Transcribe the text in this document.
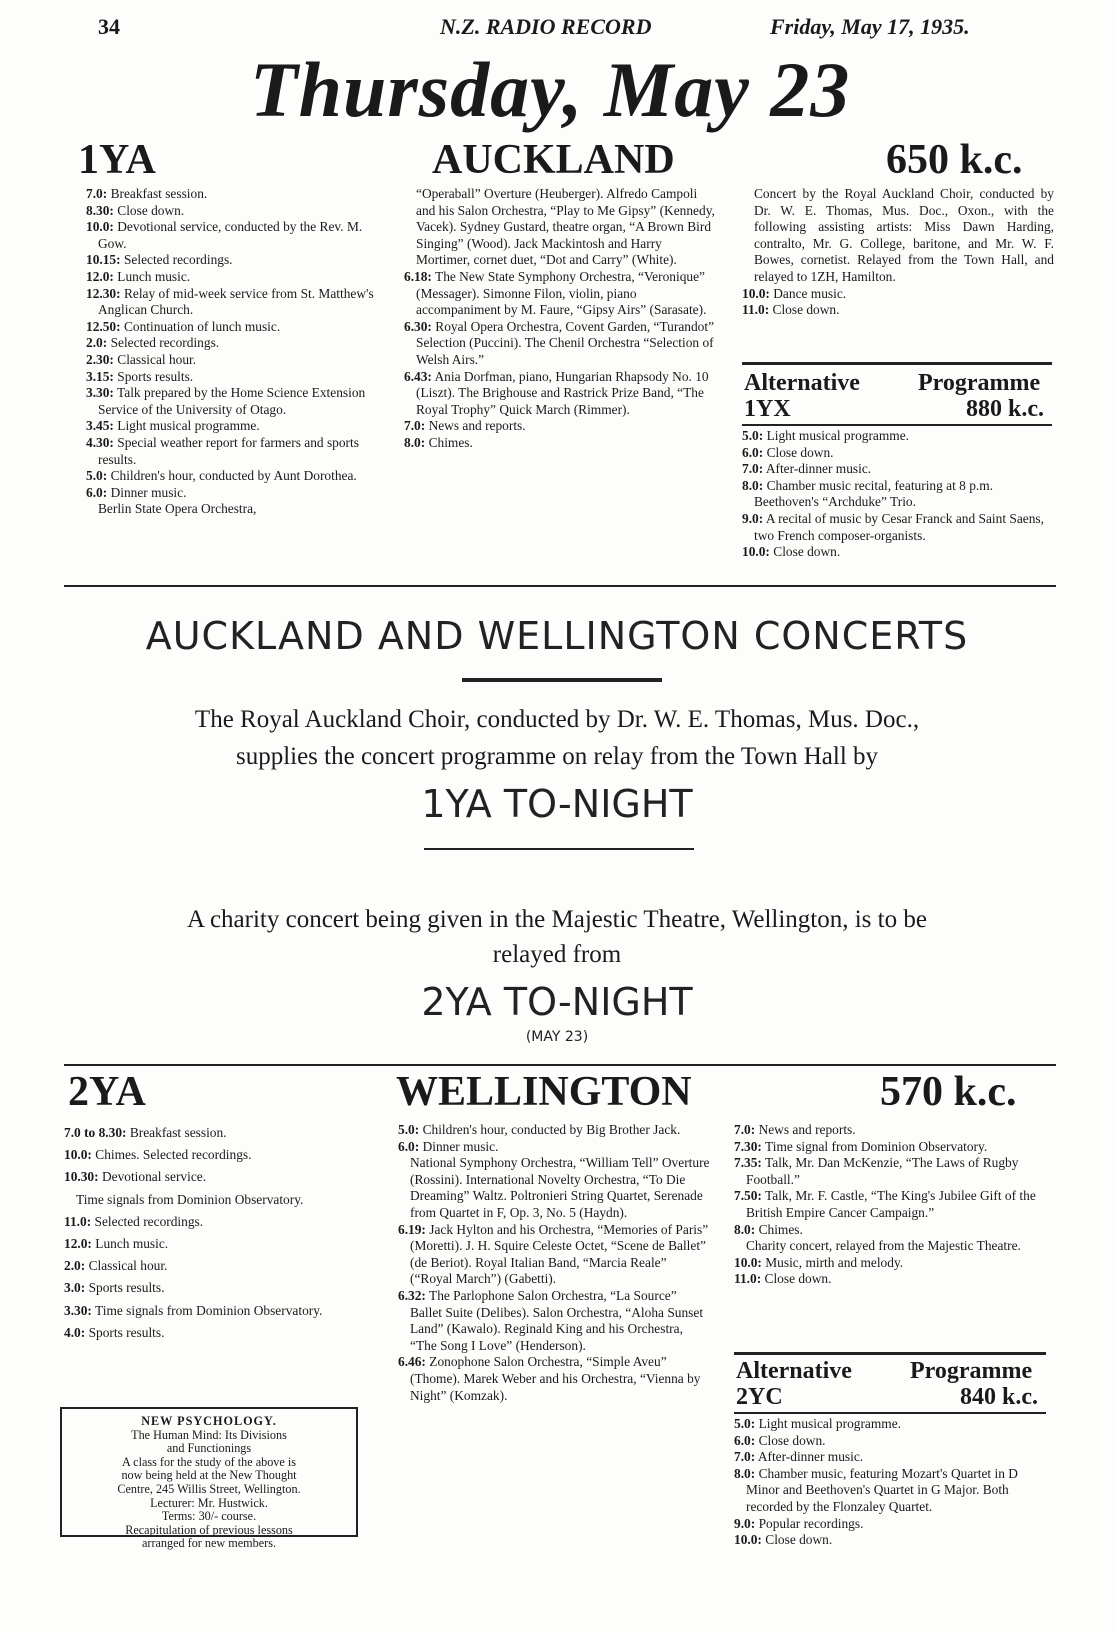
34	N.Z. RADIO RECORD	Friday, May 17, 1935.
Thursday, May 23
1YA	AUCKLAND	650 k.c.

7.0: Breakfast session.

8.30: Close down.

10.0: Devotional service, conducted by the Rev. M. Gow.

10.15: Selected recordings.

12.0: Lunch music.

12.30: Relay of mid-week service from St. Matthew's Anglican Church.

12.50: Continuation of lunch music.

2.0: Selected recordings.

2.30: Classical hour.

3.15: Sports results.

3.30: Talk prepared by the Home Science Extension Service of the University of Otago.

3.45: Light musical programme.

4.30: Special weather report for farmers and sports results.

5.0: Children's hour, conducted by Aunt Dorothea.

6.0: Dinner music.

Berlin State Opera Orchestra,

“Operaball” Overture (Heuberger). Alfredo Campoli and his Salon Orchestra, “Play to Me Gipsy” (Kennedy, Vacek). Sydney Gustard, theatre organ, “A Brown Bird Singing” (Wood). Jack Mackintosh and Harry Mortimer, cornet duet, “Dot and Carry” (White).

6.18: The New State Symphony Orchestra, “Veronique” (Messager). Simonne Filon, violin, piano accompaniment by M. Faure, “Gipsy Airs” (Sarasate).

6.30: Royal Opera Orchestra, Covent Garden, “Turandot” Selection (Puccini). The Chenil Orchestra “Selection of Welsh Airs.”

6.43: Ania Dorfman, piano, Hungarian Rhapsody No. 10 (Liszt). The Brighouse and Rastrick Prize Band, “The Royal Trophy” Quick March (Rimmer).

7.0: News and reports.

8.0: Chimes.

Concert by the Royal Auckland Choir, conducted by Dr. W. E. Thomas, Mus. Doc., Oxon., with the following assisting artists: Miss Dawn Harding, contralto, Mr. G. College, baritone, and Mr. W. F. Bowes, cornetist. Relayed from the Town Hall, and relayed to 1ZH, Hamilton.

10.0: Dance music.

11.0: Close down.

Alternative Programme
1YX	880 k.c.

5.0: Light musical programme.

6.0: Close down.

7.0: After-dinner music.

8.0: Chamber music recital, featuring at 8 p.m. Beethoven's “Archduke” Trio.

9.0: A recital of music by Cesar Franck and Saint Saens, two French composer-organists.

10.0: Close down.

AUCKLAND AND WELLINGTON CONCERTS
The Royal Auckland Choir, conducted by Dr. W. E. Thomas, Mus. Doc.,
supplies the concert programme on relay from the Town Hall by
1YA TO-NIGHT
A charity concert being given in the Majestic Theatre, Wellington, is to be
relayed from
2YA TO-NIGHT
(MAY 23)
2YA	WELLINGTON	570 k.c.

7.0 to 8.30: Breakfast session.

10.0: Chimes. Selected recordings.

10.30: Devotional service.

Time signals from Dominion Observatory.

11.0: Selected recordings.

12.0: Lunch music.

2.0: Classical hour.

3.0: Sports results.

3.30: Time signals from Dominion Observatory.

4.0: Sports results.

5.0: Children's hour, conducted by Big Brother Jack.

6.0: Dinner music.

National Symphony Orchestra, “William Tell” Overture (Rossini). International Novelty Orchestra, “To Die Dreaming” Waltz. Poltronieri String Quartet, Serenade from Quartet in F, Op. 3, No. 5 (Haydn).

6.19: Jack Hylton and his Orchestra, “Memories of Paris” (Moretti). J. H. Squire Celeste Octet, “Scene de Ballet” (de Beriot). Royal Italian Band, “Marcia Reale” (“Royal March”) (Gabetti).

6.32: The Parlophone Salon Orchestra, “La Source” Ballet Suite (Delibes). Salon Orchestra, “Aloha Sunset Land” (Kawalo). Reginald King and his Orchestra, “The Song I Love” (Henderson).

6.46: Zonophone Salon Orchestra, “Simple Aveu” (Thome). Marek Weber and his Orchestra, “Vienna by Night” (Komzak).

7.0: News and reports.

7.30: Time signal from Dominion Observatory.

7.35: Talk, Mr. Dan McKenzie, “The Laws of Rugby Football.”

7.50: Talk, Mr. F. Castle, “The King's Jubilee Gift of the British Empire Cancer Campaign.”

8.0: Chimes.

Charity concert, relayed from the Majestic Theatre.

10.0: Music, mirth and melody.

11.0: Close down.

Alternative Programme
2YC	840 k.c.

5.0: Light musical programme.

6.0: Close down.

7.0: After-dinner music.

8.0: Chamber music, featuring Mozart's Quartet in D Minor and Beethoven's Quartet in G Major. Both recorded by the Flonzaley Quartet.

9.0: Popular recordings.

10.0: Close down.

NEW PSYCHOLOGY.
The Human Mind: Its Divisions
and Functionings
A class for the study of the above is
now being held at the New Thought
Centre, 245 Willis Street, Wellington.
Lecturer: Mr. Hustwick.
Terms: 30/- course.
Recapitulation of previous lessons
arranged for new members.
